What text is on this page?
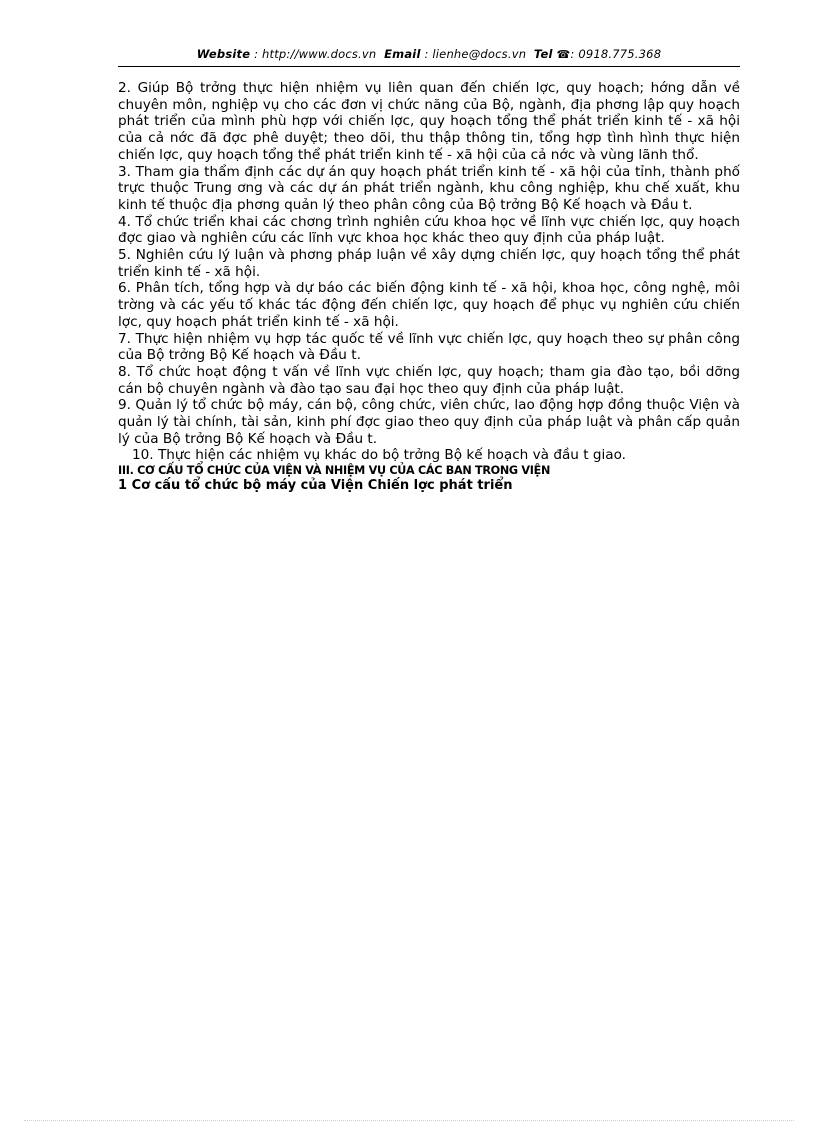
Website : http://www.docs.vn Email : lienhe@docs.vn Tel ☎: 0918.775.368

2. Giúp Bộ trởng thực hiện nhiệm vụ liên quan đến chiến lợc, quy hoạch; hớng dẫn về chuyên môn, nghiệp vụ cho các đơn vị chức năng của Bộ, ngành, địa phơng lập quy hoạch phát triển của mình phù hợp với chiến lợc, quy hoạch tổng thể phát triển kinh tế - xã hội của cả nớc đã đợc phê duyệt; theo dõi, thu thập thông tin, tổng hợp tình hình thực hiện chiến lợc, quy hoạch tổng thể phát triển kinh tế - xã hội của cả nớc và vùng lãnh thổ.

3. Tham gia thẩm định các dự án quy hoạch phát triển kinh tế - xã hội của tỉnh, thành phố trực thuộc Trung ơng và các dự án phát triển ngành, khu công nghiệp, khu chế xuất, khu kinh tế thuộc địa phơng quản lý theo phân công của Bộ trởng Bộ Kế hoạch và Đầu t.

4. Tổ chức triển khai các chơng trình nghiên cứu khoa học về lĩnh vực chiến lợc, quy hoạch đợc giao và nghiên cứu các lĩnh vực khoa học khác theo quy định của pháp luật.

5. Nghiên cứu lý luận và phơng pháp luận về xây dựng chiến lợc, quy hoạch tổng thể phát triển kinh tế - xã hội.

6. Phân tích, tổng hợp và dự báo các biến động kinh tế - xã hội, khoa học, công nghệ, môi trờng và các yếu tố khác tác động đến chiến lợc, quy hoạch để phục vụ nghiên cứu chiến lợc, quy hoạch phát triển kinh tế - xã hội.

7. Thực hiện nhiệm vụ hợp tác quốc tế về lĩnh vực chiến lợc, quy hoạch theo sự phân công của Bộ trởng Bộ Kế hoạch và Đầu t.

8. Tổ chức hoạt động t vấn về lĩnh vực chiến lợc, quy hoạch; tham gia đào tạo, bồi dỡng cán bộ chuyên ngành và đào tạo sau đại học theo quy định của pháp luật.

9. Quản lý tổ chức bộ máy, cán bộ, công chức, viên chức, lao động hợp đồng thuộc Viện và quản lý tài chính, tài sản, kinh phí đợc giao theo quy định của pháp luật và phân cấp quản lý của Bộ trởng Bộ Kế hoạch và Đầu t.

10. Thực hiện các nhiệm vụ khác do bộ trởng Bộ kế hoạch và đầu t giao.

III. CƠ CẤU TỔ CHỨC CỦA VIỆN VÀ NHIỆM VỤ CỦA CÁC BAN TRONG VIỆN

1 Cơ cấu tổ chức bộ máy của Viện Chiến lợc phát triển
